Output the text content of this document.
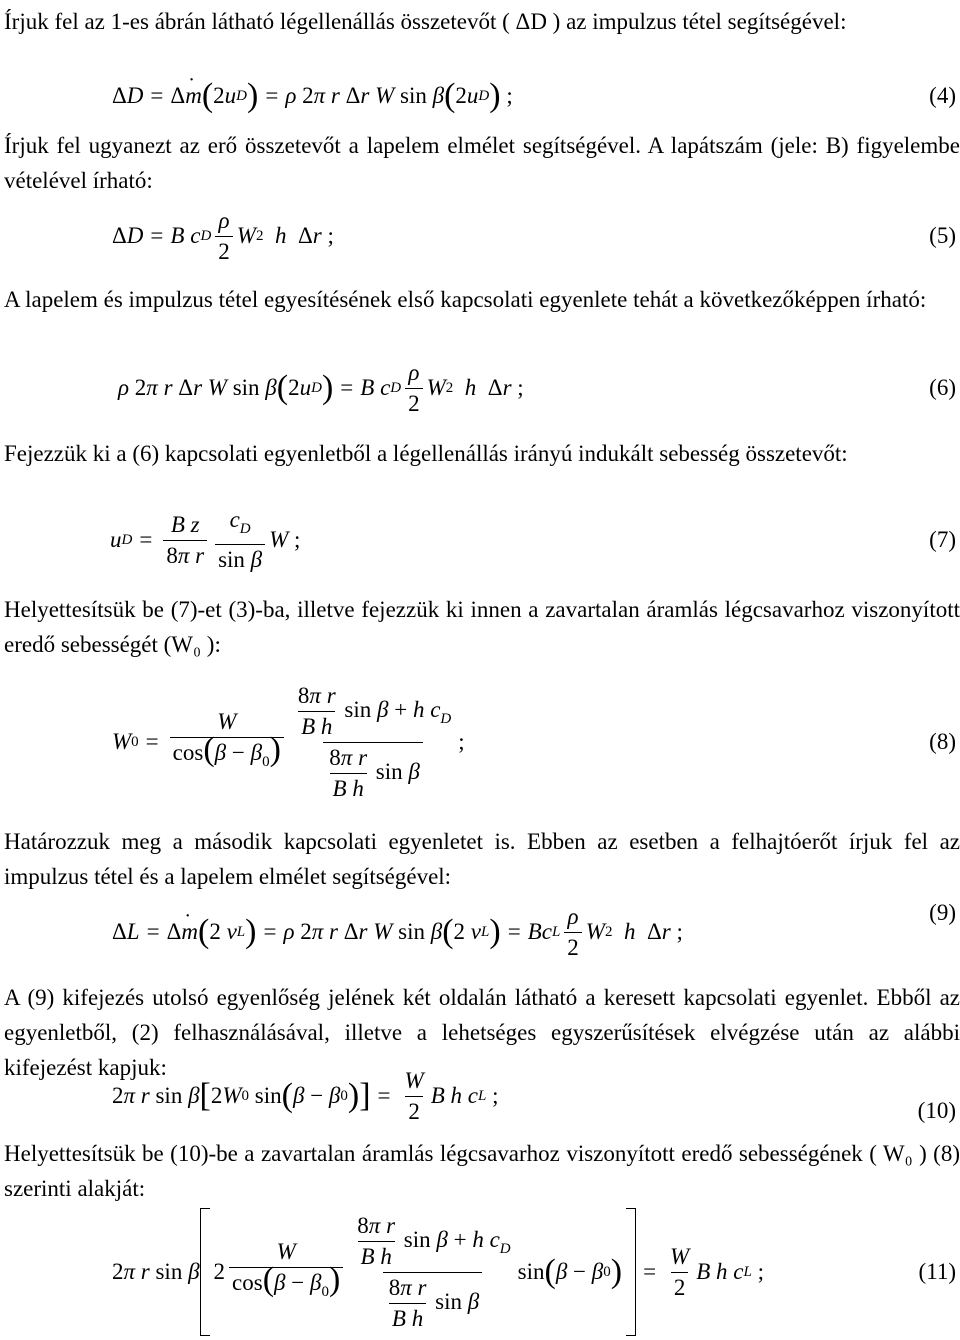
Írjuk fel az 1-es ábrán látható légellenállás összetevőt ( ΔD ) az impulzus tétel segítségével:
Δ D = Δ m · ( 2 u D ) = ρ 2 π
r Δ r
W sin β ( 2 u D ) ;	(4)
Írjuk fel ugyanezt az erő összetevőt a lapelem elmélet segítségével. A lapátszám (jele: B) figyelembe vételével írható:
Δ D = B
c D $\frac{\rho}{2}$ W 2
h Δ r ;	(5)
A lapelem és impulzus tétel egyesítésének első kapcsolati egyenlete tehát a következőképpen írható:
ρ 2 π
r Δ r
W sin β ( 2 u D ) = B
c D $\frac{\rho}{2}$ W 2
h Δ r ;	(6)
Fejezzük ki a (6) kapcsolati egyenletből a légellenállás irányú indukált sebesség összetevőt:
u $D = \frac{\text{B z}}{\text{8π r}} \frac{c_D}{\text{sin β}}$ W ;	(7)
Helyettesítsük be (7)-et (3)-ba, illetve fejezzük ki innen a zavartalan áramlás légcsavarhoz viszonyított eredő sebességét (W₀ ):
W $0 = \frac{W}{\cos(\beta - \beta_0)} \frac{\frac{\text{8π r}}{\text{B h}} \sin \beta + h c_D}{\frac{\text{8π r}}{\text{B h}} \sin \beta}$ ;	(8)
Határozzuk meg a második kapcsolati egyenletet is. Ebben az esetben a felhajtóerőt írjuk fel az impulzus tétel és a lapelem elmélet segítségével:
Δ L = Δ m · ( 2 v L ) = ρ 2 π
r Δ r
W sin β ( 2 v L ) = Bc L $\frac{\rho}{2}$ W 2
h Δ r ;
(9)
A (9) kifejezés utolsó egyenlőség jelének két oldalán látható a keresett kapcsolati egyenlet. Ebből az egyenletből, (2) felhasználásával, illetve a lehetséges egyszerűsítések elvégzése után az alábbi kifejezést kapjuk:
2 π
r sin β [ 2 W 0 sin ( β − β 0 ) ] = $\frac{W}{2}$ B
h
c L ;
(10)
Helyettesítsük be (10)-be a zavartalan áramlás légcsavarhoz viszonyított eredő sebességének ( W₀ ) (8) szerinti alakját:
2 π
r sin β $2 \frac{W}{\cos(\beta - \beta_0)} \frac{\frac{\text{8π r}}{\text{B h}} \sin \beta + h c_D}{\frac{\text{8π r}}{\text{B h}} \sin \beta}$ sin ( β − β 0 ) = $\frac{W}{2}$ B
h
c L ;	(11)
